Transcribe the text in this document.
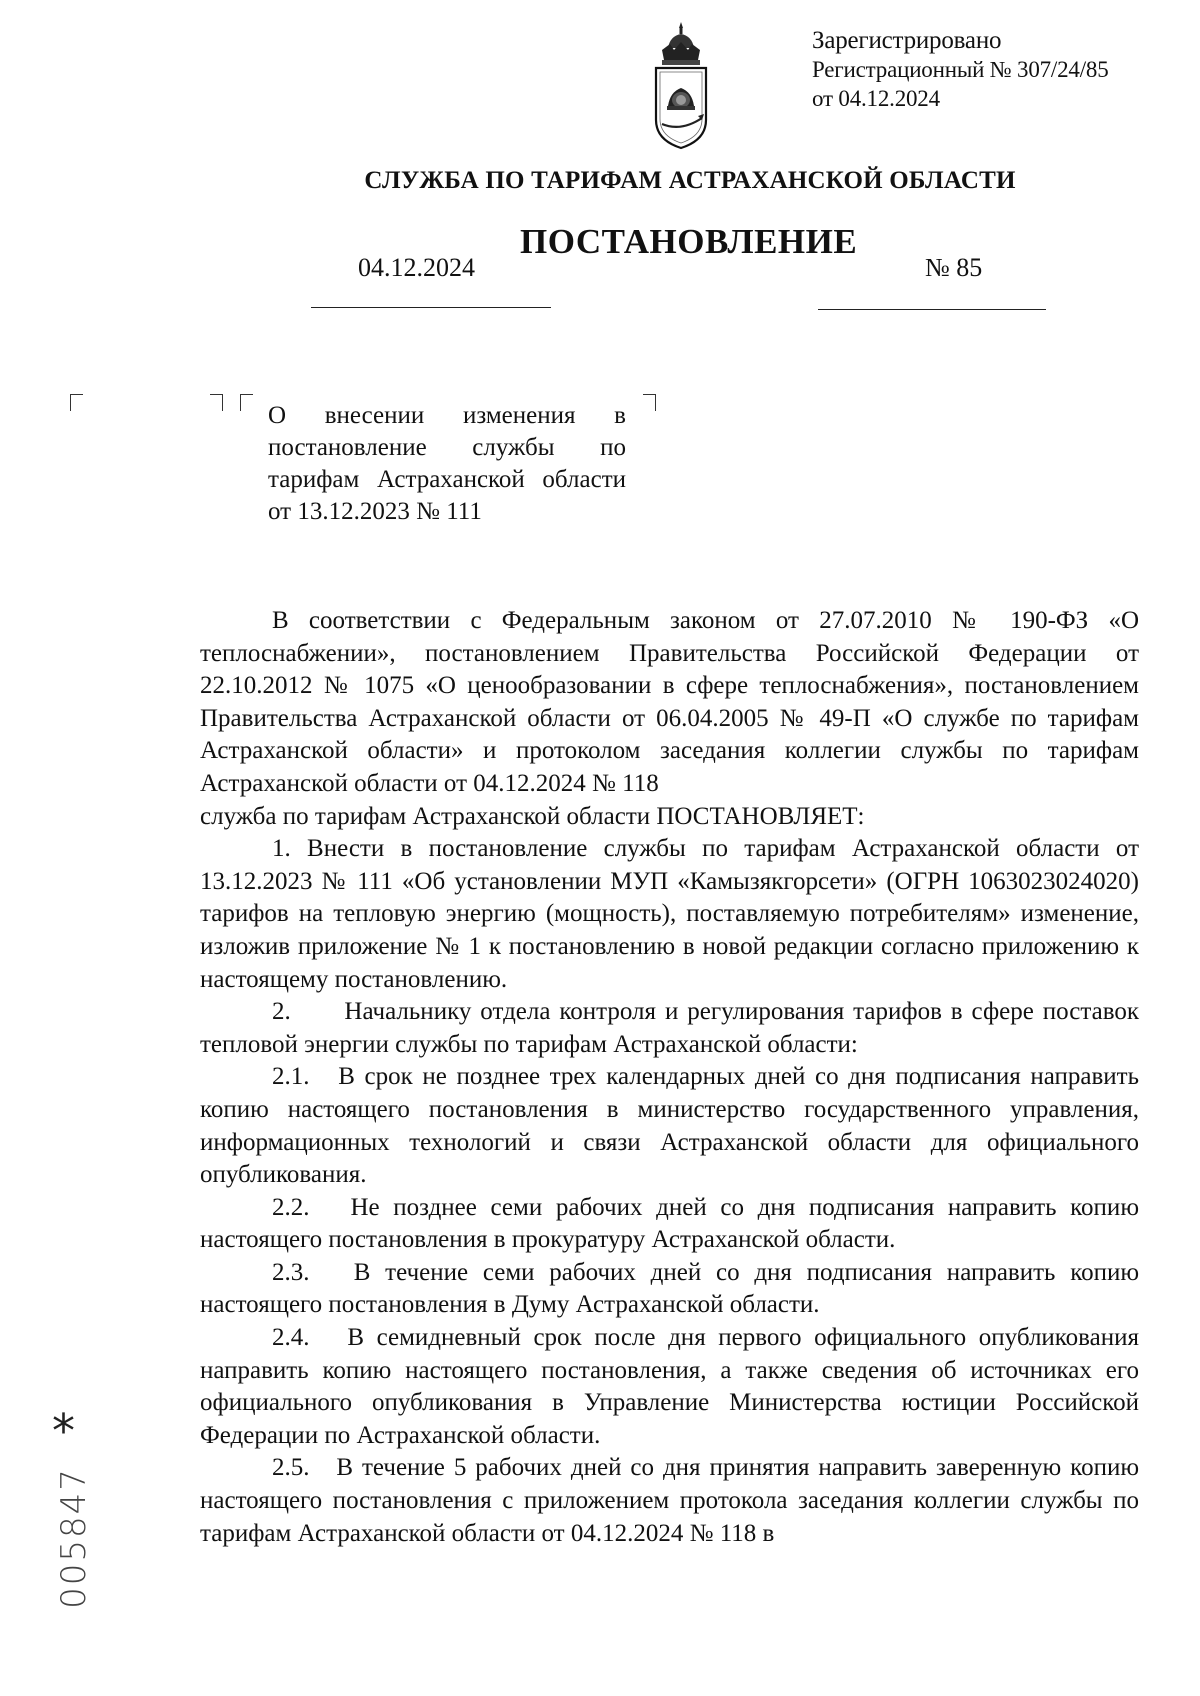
Зарегистрировано
Регистрационный № 307/24/85
от 04.12.2024
СЛУЖБА ПО ТАРИФАМ АСТРАХАНСКОЙ ОБЛАСТИ
ПОСТАНОВЛЕНИЕ
04.12.2024	№ 85
О внесении изменения в постановление службы по тарифам Астраханской области от 13.12.2023 № 111

В соответствии с Федеральным законом от 27.07.2010 № 190-ФЗ «О теплоснабжении», постановлением Правительства Российской Федерации от 22.10.2012 № 1075 «О ценообразовании в сфере теплоснабжения», постановлением Правительства Астраханской области от 06.04.2005 № 49-П «О службе по тарифам Астраханской области» и протоколом заседания коллегии службы по тарифам Астраханской области от 04.12.2024 № 118

служба по тарифам Астраханской области ПОСТАНОВЛЯЕТ:

1. Внести в постановление службы по тарифам Астраханской области от 13.12.2023 № 111 «Об установлении МУП «Камызякгорсети» (ОГРН 1063023024020) тарифов на тепловую энергию (мощность), поставляемую потребителям» изменение, изложив приложение № 1 к постановлению в новой редакции согласно приложению к настоящему постановлению.

2.      Начальнику отдела контроля и регулирования тарифов в сфере поставок тепловой энергии службы по тарифам Астраханской области:

2.1.   В срок не позднее трех календарных дней со дня подписания направить копию настоящего постановления в министерство государственного управления, информационных технологий и связи Астраханской области для официального опубликования.

2.2.   Не позднее семи рабочих дней со дня подписания направить копию настоящего постановления в прокуратуру Астраханской области.

2.3.   В течение семи рабочих дней со дня подписания направить копию настоящего постановления в Думу Астраханской области.

2.4.   В семидневный срок после дня первого официального опубликования направить копию настоящего постановления, а также сведения об источниках его официального опубликования в Управление Министерства юстиции Российской Федерации по Астраханской области.

2.5.   В течение 5 рабочих дней со дня принятия направить заверенную копию настоящего постановления с приложением протокола заседания коллегии службы по тарифам Астраханской области от 04.12.2024 № 118 в

*
005847
